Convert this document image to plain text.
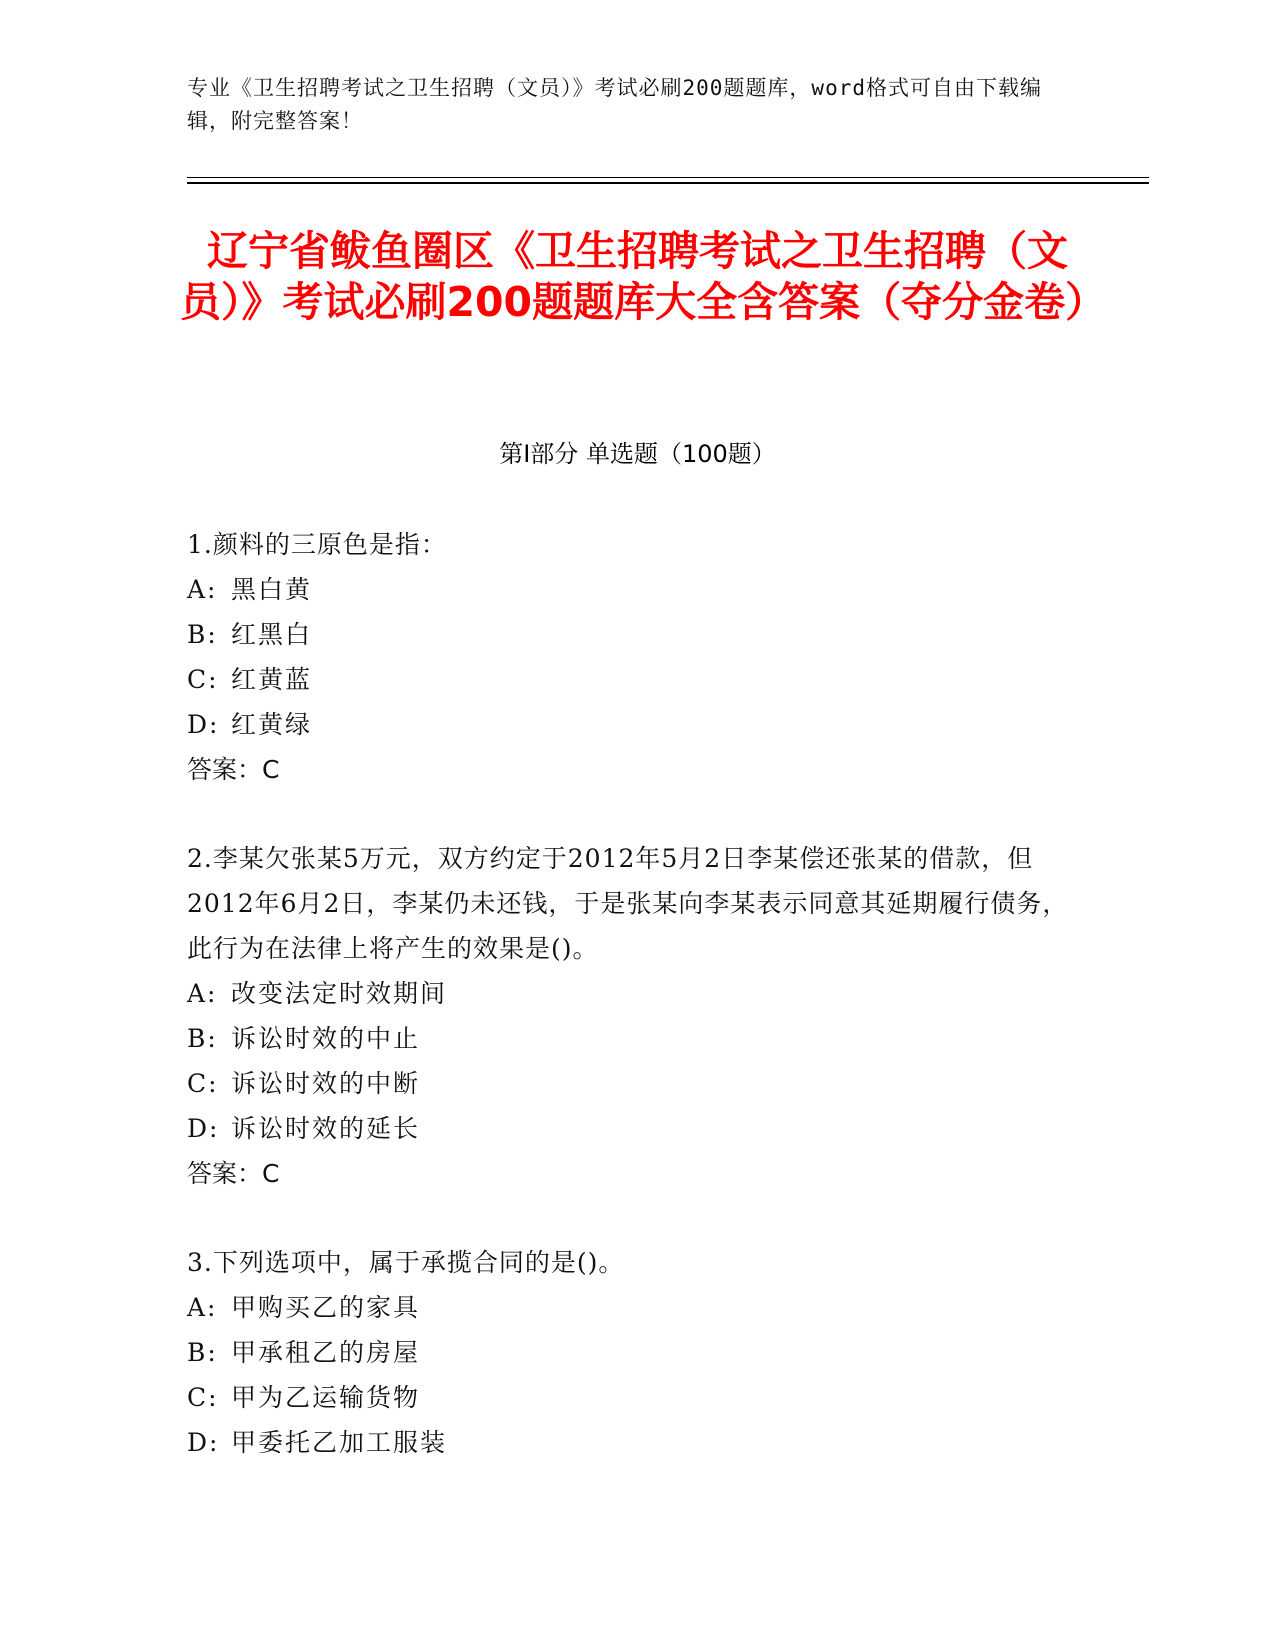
专业《卫生招聘考试之卫生招聘（文员）》考试必刷200题题库，word格式可自由下载编辑，附完整答案！
辽宁省鲅鱼圈区《卫生招聘考试之卫生招聘（文员）》考试必刷200题题库大全含答案（夺分金卷）
第Ⅰ部分 单选题（100题）
1.颜料的三原色是指：
A: 黑白黄
B: 红黑白
C: 红黄蓝
D: 红黄绿
答案：C
2.李某欠张某5万元，双方约定于2012年5月2日李某偿还张某的借款，但2012年6月2日，李某仍未还钱，于是张某向李某表示同意其延期履行债务，此行为在法律上将产生的效果是()。
A: 改变法定时效期间
B: 诉讼时效的中止
C: 诉讼时效的中断
D: 诉讼时效的延长
答案：C
3.下列选项中，属于承揽合同的是()。
A: 甲购买乙的家具
B: 甲承租乙的房屋
C: 甲为乙运输货物
D: 甲委托乙加工服装
